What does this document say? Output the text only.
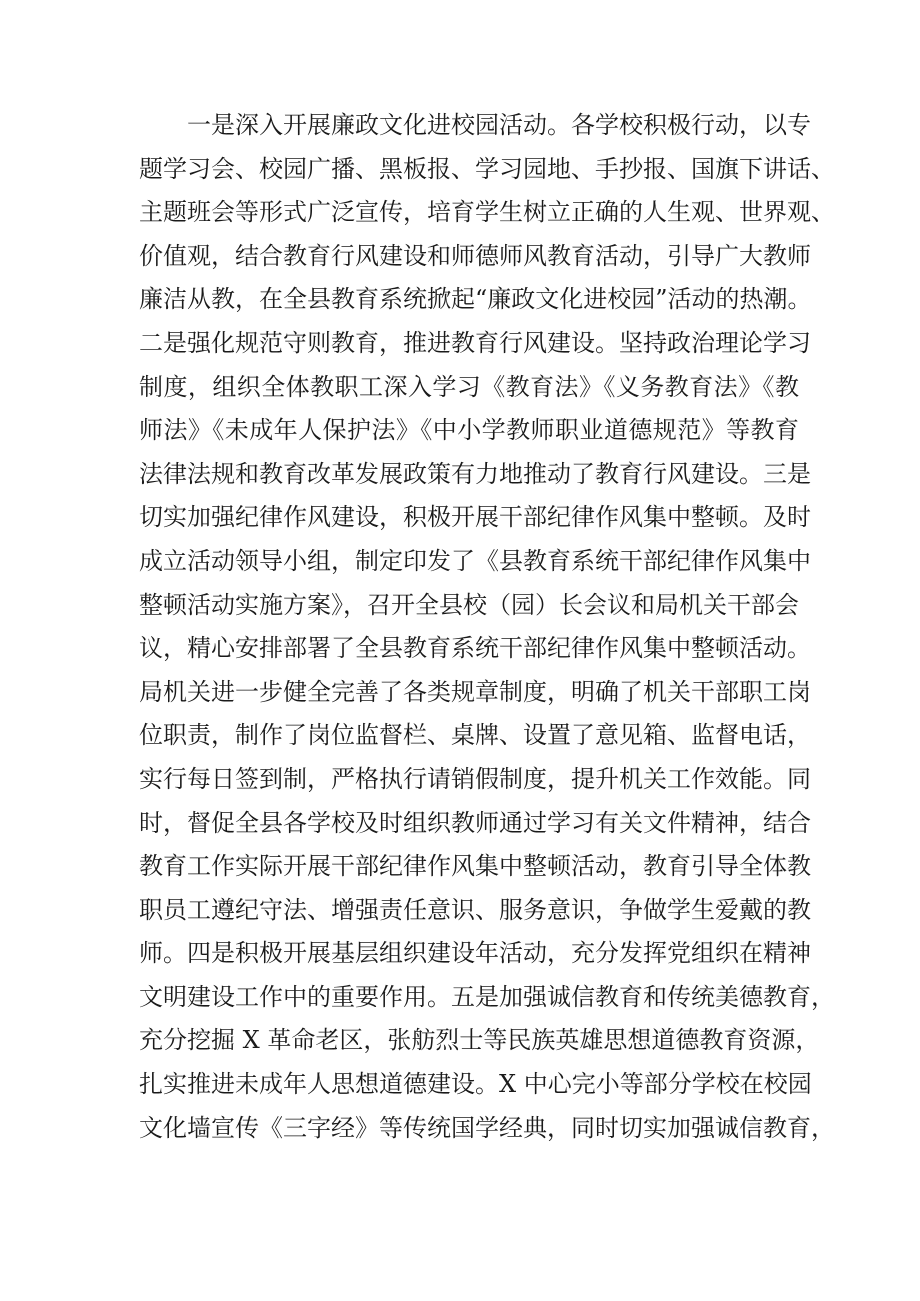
一是深入开展廉政文化进校园活动。各学校积极行动，以专
题学习会、校园广播、黑板报、学习园地、手抄报、国旗下讲话、
主题班会等形式广泛宣传，培育学生树立正确的人生观、世界观、
价值观，结合教育行风建设和师德师风教育活动，引导广大教师
廉洁从教，在全县教育系统掀起“廉政文化进校园”活动的热潮。
二是强化规范守则教育，推进教育行风建设。坚持政治理论学习
制度，组织全体教职工深入学习《教育法》《义务教育法》《教
师法》《未成年人保护法》《中小学教师职业道德规范》等教育
法律法规和教育改革发展政策有力地推动了教育行风建设。三是
切实加强纪律作风建设，积极开展干部纪律作风集中整顿。及时
成立活动领导小组，制定印发了《县教育系统干部纪律作风集中
整顿活动实施方案》，召开全县校（园）长会议和局机关干部会
议，精心安排部署了全县教育系统干部纪律作风集中整顿活动。
局机关进一步健全完善了各类规章制度，明确了机关干部职工岗
位职责，制作了岗位监督栏、桌牌、设置了意见箱、监督电话，
实行每日签到制，严格执行请销假制度，提升机关工作效能。同
时，督促全县各学校及时组织教师通过学习有关文件精神，结合
教育工作实际开展干部纪律作风集中整顿活动，教育引导全体教
职员工遵纪守法、增强责任意识、服务意识，争做学生爱戴的教
师。四是积极开展基层组织建设年活动，充分发挥党组织在精神
文明建设工作中的重要作用。五是加强诚信教育和传统美德教育，
充分挖掘 X 革命老区，张舫烈士等民族英雄思想道德教育资源，
扎实推进未成年人思想道德建设。X 中心完小等部分学校在校园
文化墙宣传《三字经》等传统国学经典，同时切实加强诚信教育，
